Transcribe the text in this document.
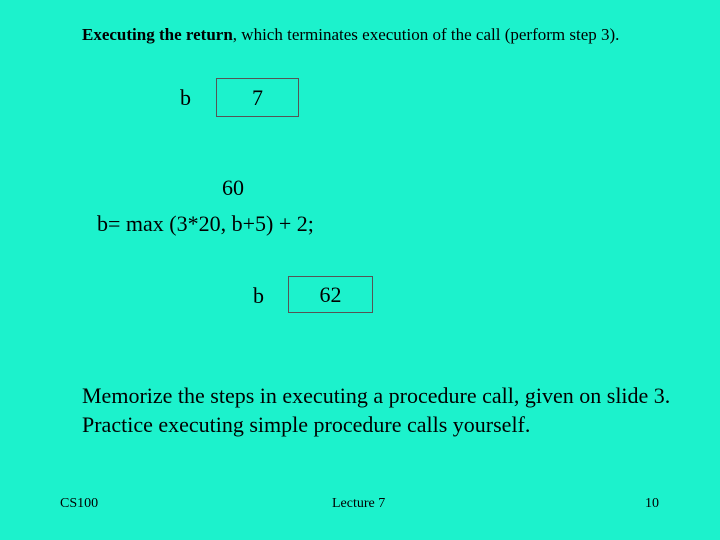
Executing the return, which terminates execution of the call (perform step 3).
b	7
60
b= max (3*20, b+5) + 2;
b	62
Memorize the steps in executing a procedure call, given on slide 3. Practice executing simple procedure calls yourself.
CS100	Lecture 7	10
